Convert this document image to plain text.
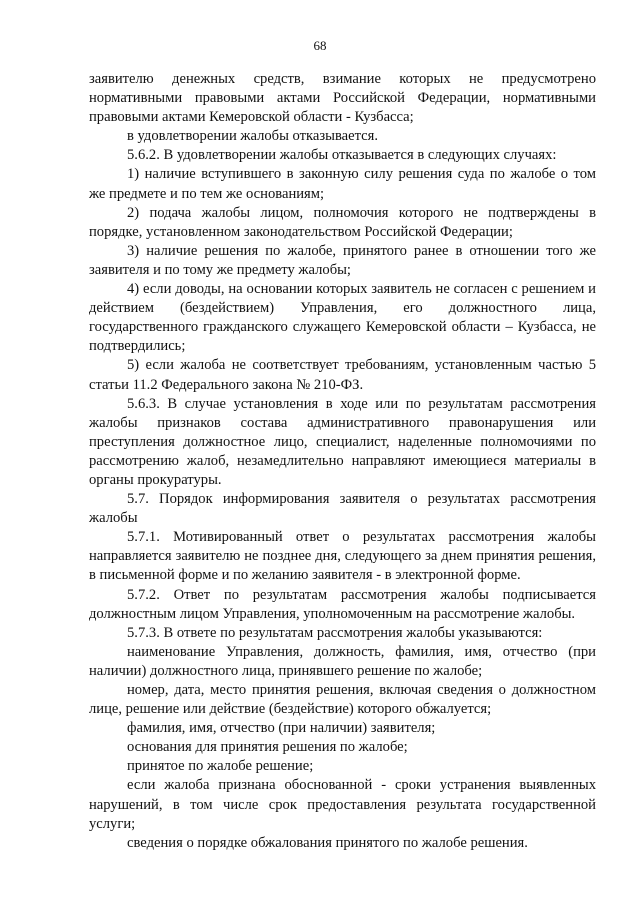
68

заявителю денежных средств, взимание которых не предусмотрено нормативными правовыми актами Российской Федерации, нормативными правовыми актами Кемеровской области - Кузбасса;

в удовлетворении жалобы отказывается.

5.6.2. В удовлетворении жалобы отказывается в следующих случаях:

1) наличие вступившего в законную силу решения суда по жалобе о том же предмете и по тем же основаниям;

2) подача жалобы лицом, полномочия которого не подтверждены в порядке, установленном законодательством Российской Федерации;

3) наличие решения по жалобе, принятого ранее в отношении того же заявителя и по тому же предмету жалобы;

4) если доводы, на основании которых заявитель не согласен с решением и действием (бездействием) Управления, его должностного лица, государственного гражданского служащего Кемеровской области – Кузбасса, не подтвердились;

5) если жалоба не соответствует требованиям, установленным частью 5 статьи 11.2 Федерального закона № 210-ФЗ.

5.6.3. В случае установления в ходе или по результатам рассмотрения жалобы признаков состава административного правонарушения или преступления должностное лицо, специалист, наделенные полномочиями по рассмотрению жалоб, незамедлительно направляют имеющиеся материалы в органы прокуратуры.

5.7. Порядок информирования заявителя о результатах рассмотрения жалобы

5.7.1. Мотивированный ответ о результатах рассмотрения жалобы направляется заявителю не позднее дня, следующего за днем принятия решения, в письменной форме и по желанию заявителя - в электронной форме.

5.7.2. Ответ по результатам рассмотрения жалобы подписывается должностным лицом Управления, уполномоченным на рассмотрение жалобы.

5.7.3. В ответе по результатам рассмотрения жалобы указываются:

наименование Управления, должность, фамилия, имя, отчество (при наличии) должностного лица, принявшего решение по жалобе;

номер, дата, место принятия решения, включая сведения о должностном лице, решение или действие (бездействие) которого обжалуется;

фамилия, имя, отчество (при наличии) заявителя;

основания для принятия решения по жалобе;

принятое по жалобе решение;

если жалоба признана обоснованной - сроки устранения выявленных нарушений, в том числе срок предоставления результата государственной услуги;

сведения о порядке обжалования принятого по жалобе решения.
